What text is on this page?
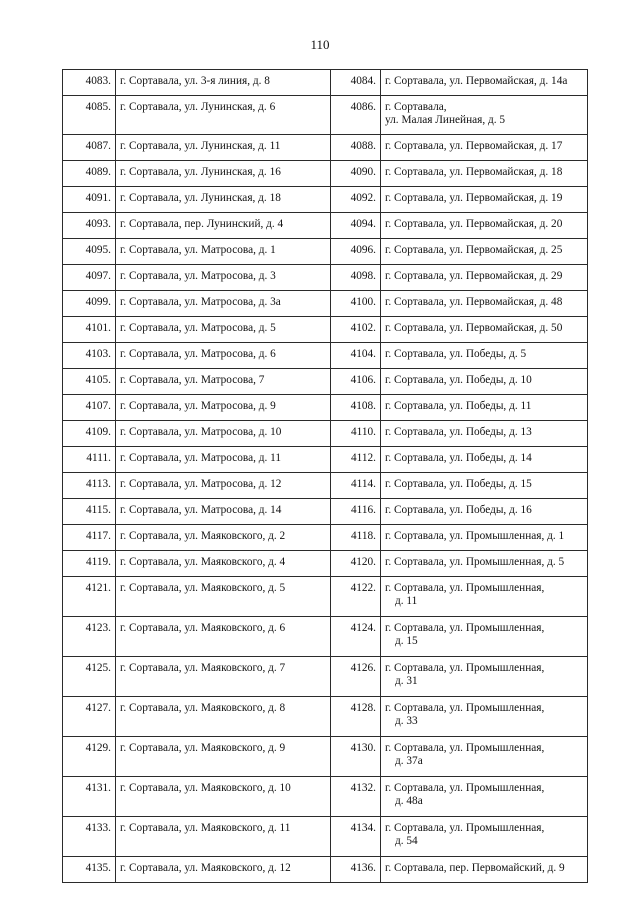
110
4083.	г. Сортавала, ул. 3-я линия, д. 8	4084.	г. Сортавала, ул. Первомайская, д. 14а

4085.	г. Сортавала, ул. Лунинская, д. 6	4086.	г. Сортавала,
ул. Малая Линейная, д. 5

4087.	г. Сортавала, ул. Лунинская, д. 11	4088.	г. Сортавала, ул. Первомайская, д. 17

4089.	г. Сортавала, ул. Лунинская, д. 16	4090.	г. Сортавала, ул. Первомайская, д. 18

4091.	г. Сортавала, ул. Лунинская, д. 18	4092.	г. Сортавала, ул. Первомайская, д. 19

4093.	г. Сортавала, пер. Лунинский, д. 4	4094.	г. Сортавала, ул. Первомайская, д. 20

4095.	г. Сортавала, ул. Матросова, д. 1	4096.	г. Сортавала, ул. Первомайская, д. 25

4097.	г. Сортавала, ул. Матросова, д. 3	4098.	г. Сортавала, ул. Первомайская, д. 29

4099.	г. Сортавала, ул. Матросова, д. 3а	4100.	г. Сортавала, ул. Первомайская, д. 48

4101.	г. Сортавала, ул. Матросова, д. 5	4102.	г. Сортавала, ул. Первомайская, д. 50

4103.	г. Сортавала, ул. Матросова, д. 6	4104.	г. Сортавала, ул. Победы, д. 5

4105.	г. Сортавала, ул. Матросова, 7	4106.	г. Сортавала, ул. Победы, д. 10

4107.	г. Сортавала, ул. Матросова, д. 9	4108.	г. Сортавала, ул. Победы, д. 11

4109.	г. Сортавала, ул. Матросова, д. 10	4110.	г. Сортавала, ул. Победы, д. 13

4111.	г. Сортавала, ул. Матросова, д. 11	4112.	г. Сортавала, ул. Победы, д. 14

4113.	г. Сортавала, ул. Матросова, д. 12	4114.	г. Сортавала, ул. Победы, д. 15

4115.	г. Сортавала, ул. Матросова, д. 14	4116.	г. Сортавала, ул. Победы, д. 16

4117.	г. Сортавала, ул. Маяковского, д. 2	4118.	г. Сортавала, ул. Промышленная, д. 1

4119.	г. Сортавала, ул. Маяковского, д. 4	4120.	г. Сортавала, ул. Промышленная, д. 5

4121.	г. Сортавала, ул. Маяковского, д. 5	4122.	г. Сортавала, ул. Промышленная,
д. 11

4123.	г. Сортавала, ул. Маяковского, д. 6	4124.	г. Сортавала, ул. Промышленная,
д. 15

4125.	г. Сортавала, ул. Маяковского, д. 7	4126.	г. Сортавала, ул. Промышленная,
д. 31

4127.	г. Сортавала, ул. Маяковского, д. 8	4128.	г. Сортавала, ул. Промышленная,
д. 33

4129.	г. Сортавала, ул. Маяковского, д. 9	4130.	г. Сортавала, ул. Промышленная,
д. 37а

4131.	г. Сортавала, ул. Маяковского, д. 10	4132.	г. Сортавала, ул. Промышленная,
д. 48а

4133.	г. Сортавала, ул. Маяковского, д. 11	4134.	г. Сортавала, ул. Промышленная,
д. 54

4135.	г. Сортавала, ул. Маяковского, д. 12	4136.	г. Сортавала, пер. Первомайский, д. 9
